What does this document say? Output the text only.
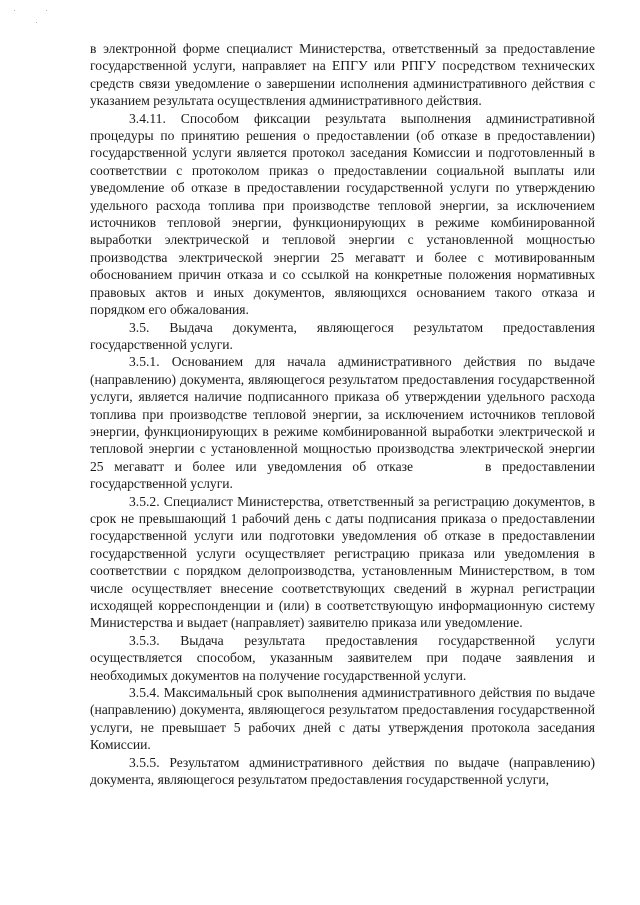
в электронной форме специалист Министерства, ответственный за предоставление государственной услуги, направляет на ЕПГУ или РПГУ посредством технических средств связи уведомление о завершении исполнения административного действия с указанием результата осуществления административного действия.

3.4.11. Способом фиксации результата выполнения административной процедуры по принятию решения о предоставлении (об отказе в предоставлении) государственной услуги является протокол заседания Комиссии и подготовленный в соответствии с протоколом приказ о предоставлении социальной выплаты или уведомление об отказе в предоставлении государственной услуги по утверждению удельного расхода топлива при производстве тепловой энергии, за исключением источников тепловой энергии, функционирующих в режиме комбинированной выработки электрической и тепловой энергии с установленной мощностью производства электрической энергии 25 мегаватт и более с мотивированным обоснованием причин отказа и со ссылкой на конкретные положения нормативных правовых актов и иных документов, являющихся основанием такого отказа и порядком его обжалования.

3.5. Выдача документа, являющегося результатом предоставления государственной услуги.

3.5.1. Основанием для начала административного действия по выдаче (направлению) документа, являющегося результатом предоставления государственной услуги, является наличие подписанного приказа об утверждении удельного расхода топлива при производстве тепловой энергии, за исключением источников тепловой энергии, функционирующих в режиме комбинированной выработки электрической и тепловой энергии с установленной мощностью производства электрической энергии 25 мегаватт и более или уведомления об отказе	в предоставлении государственной услуги.

3.5.2. Специалист Министерства, ответственный за регистрацию документов, в срок не превышающий 1 рабочий день с даты подписания приказа о предоставлении государственной услуги или подготовки уведомления об отказе в предоставлении государственной услуги осуществляет регистрацию приказа или уведомления в соответствии с порядком делопроизводства, установленным Министерством, в том числе осуществляет внесение соответствующих сведений в журнал регистрации исходящей корреспонденции и (или) в соответствующую информационную систему Министерства и выдает (направляет) заявителю приказа или уведомление.

3.5.3. Выдача результата предоставления государственной услуги осуществляется способом, указанным заявителем при подаче заявления и необходимых документов на получение государственной услуги.

3.5.4. Максимальный срок выполнения административного действия по выдаче (направлению) документа, являющегося результатом предоставления государственной услуги, не превышает 5 рабочих дней с даты утверждения протокола заседания Комиссии.

3.5.5. Результатом административного действия по выдаче (направлению) документа, являющегося результатом предоставления государственной услуги,
